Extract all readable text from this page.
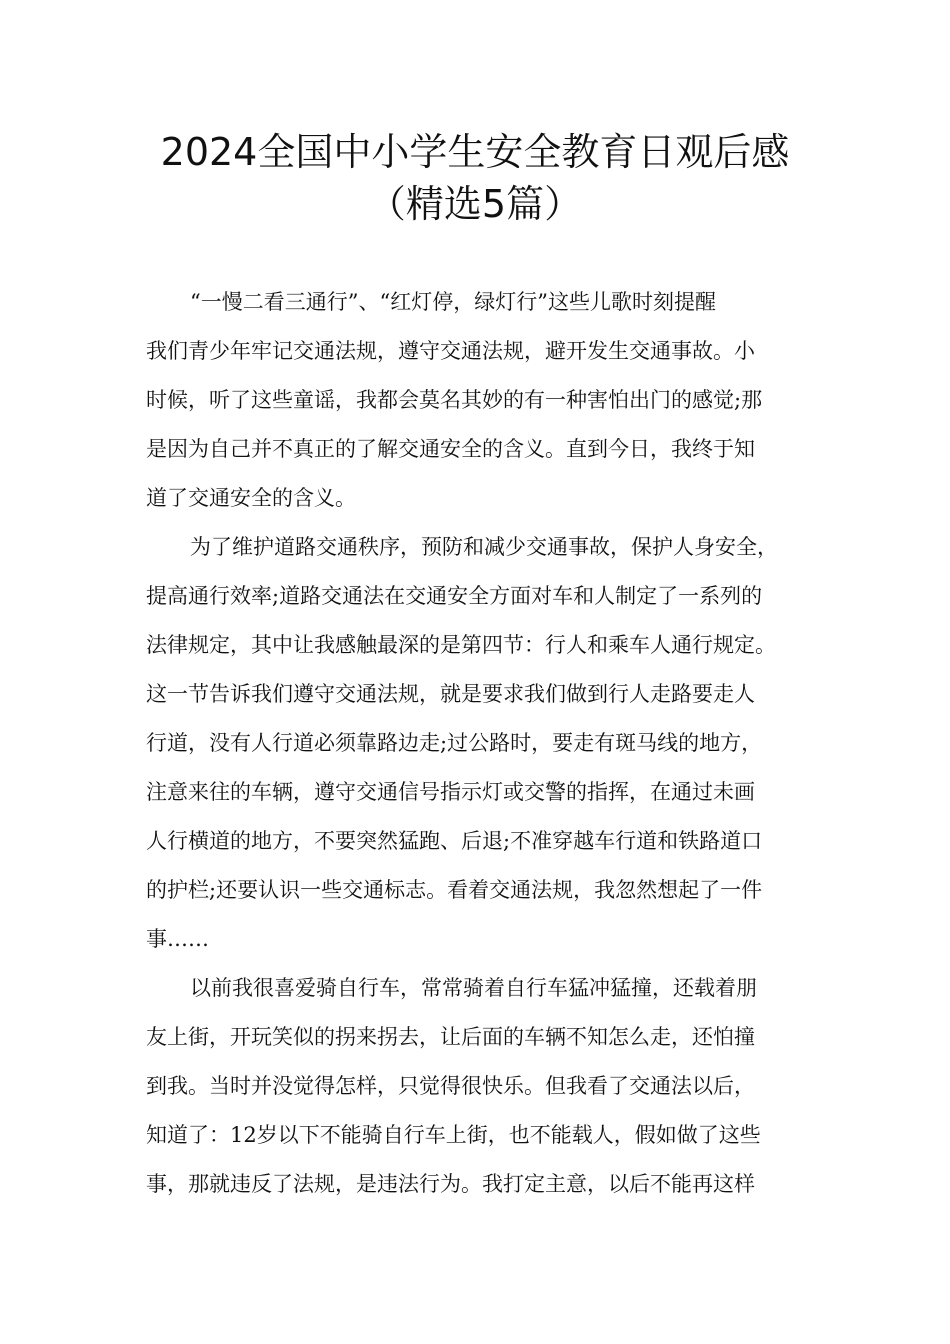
2024全国中小学生安全教育日观后感
（精选5篇）
“一慢二看三通行”、“红灯停，绿灯行”这些儿歌时刻提醒
我们青少年牢记交通法规，遵守交通法规，避开发生交通事故。小
时候，听了这些童谣，我都会莫名其妙的有一种害怕出门的感觉;那
是因为自己并不真正的了解交通安全的含义。直到今日，我终于知
道了交通安全的含义。
为了维护道路交通秩序，预防和减少交通事故，保护人身安全，
提高通行效率;道路交通法在交通安全方面对车和人制定了一系列的
法律规定，其中让我感触最深的是第四节：行人和乘车人通行规定。
这一节告诉我们遵守交通法规，就是要求我们做到行人走路要走人
行道，没有人行道必须靠路边走;过公路时，要走有斑马线的地方，
注意来往的车辆，遵守交通信号指示灯或交警的指挥，在通过未画
人行横道的地方，不要突然猛跑、后退;不准穿越车行道和铁路道口
的护栏;还要认识一些交通标志。看着交通法规，我忽然想起了一件
事……
以前我很喜爱骑自行车，常常骑着自行车猛冲猛撞，还载着朋
友上街，开玩笑似的拐来拐去，让后面的车辆不知怎么走，还怕撞
到我。当时并没觉得怎样，只觉得很快乐。但我看了交通法以后，
知道了：12岁以下不能骑自行车上街，也不能载人，假如做了这些
事，那就违反了法规，是违法行为。我打定主意，以后不能再这样
